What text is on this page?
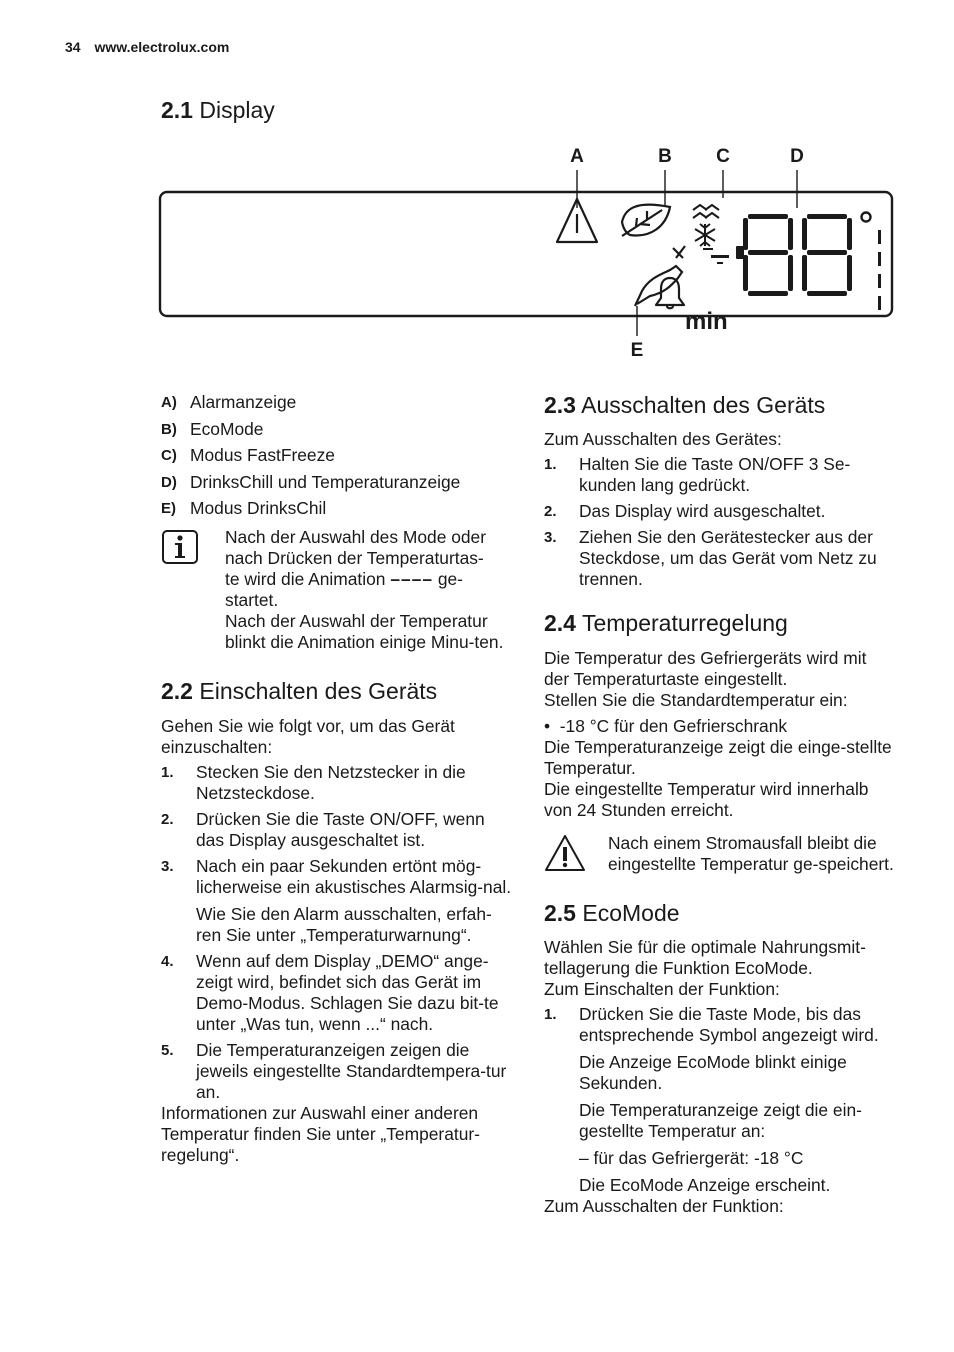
34 www.electrolux.com
2.1 Display
A	B C	D
E
min
A) Alarmanzeige
B) EcoMode
C) Modus FastFreeze
D) DrinksChill und Temperaturanzeige
E) Modus DrinksChil

Nach der Auswahl des Mode oder nach Drücken der Temperaturtas-

te wird die Animation –––– ge-

startet.

Nach der Auswahl der Temperatur blinkt die Animation einige Minu-ten.

2.2 Einschalten des Geräts

Gehen Sie wie folgt vor, um das Gerät einzuschalten:

1.	Stecken Sie den Netzstecker in die Netzsteckdose.
2.	Drücken Sie die Taste ON/OFF, wenn das Display ausgeschaltet ist.
3.	Nach ein paar Sekunden ertönt mög-licherweise ein akustisches Alarmsig-nal.

Wie Sie den Alarm ausschalten, erfah-ren Sie unter „Temperaturwarnung“.

4.	Wenn auf dem Display „DEMO“ ange-zeigt wird, befindet sich das Gerät im Demo-Modus. Schlagen Sie dazu bit-te unter „Was tun, wenn ...“ nach.
5.	Die Temperaturanzeigen zeigen die jeweils eingestellte Standardtempera-tur an.

Informationen zur Auswahl einer anderen Temperatur finden Sie unter „Temperatur-regelung“.

2.3 Ausschalten des Geräts

Zum Ausschalten des Gerätes:

1.	Halten Sie die Taste ON/OFF 3 Se-kunden lang gedrückt.
2.	Das Display wird ausgeschaltet.
3.	Ziehen Sie den Gerätestecker aus der Steckdose, um das Gerät vom Netz zu trennen.
2.4 Temperaturregelung

Die Temperatur des Gefriergeräts wird mit der Temperaturtaste eingestellt.

Stellen Sie die Standardtemperatur ein:

•  -18 °C für den Gefrierschrank

Die Temperaturanzeige zeigt die einge-stellte Temperatur.

Die eingestellte Temperatur wird innerhalb von 24 Stunden erreicht.

Nach einem Stromausfall bleibt die eingestellte Temperatur ge-speichert.
2.5 EcoMode

Wählen Sie für die optimale Nahrungsmit-tellagerung die Funktion EcoMode.

Zum Einschalten der Funktion:

1.	Drücken Sie die Taste Mode, bis das entsprechende Symbol angezeigt wird.

Die Anzeige EcoMode blinkt einige Sekunden.

Die Temperaturanzeige zeigt die ein-gestellte Temperatur an:

– für das Gefriergerät: -18 °C

Die EcoMode Anzeige erscheint.

Zum Ausschalten der Funktion:
